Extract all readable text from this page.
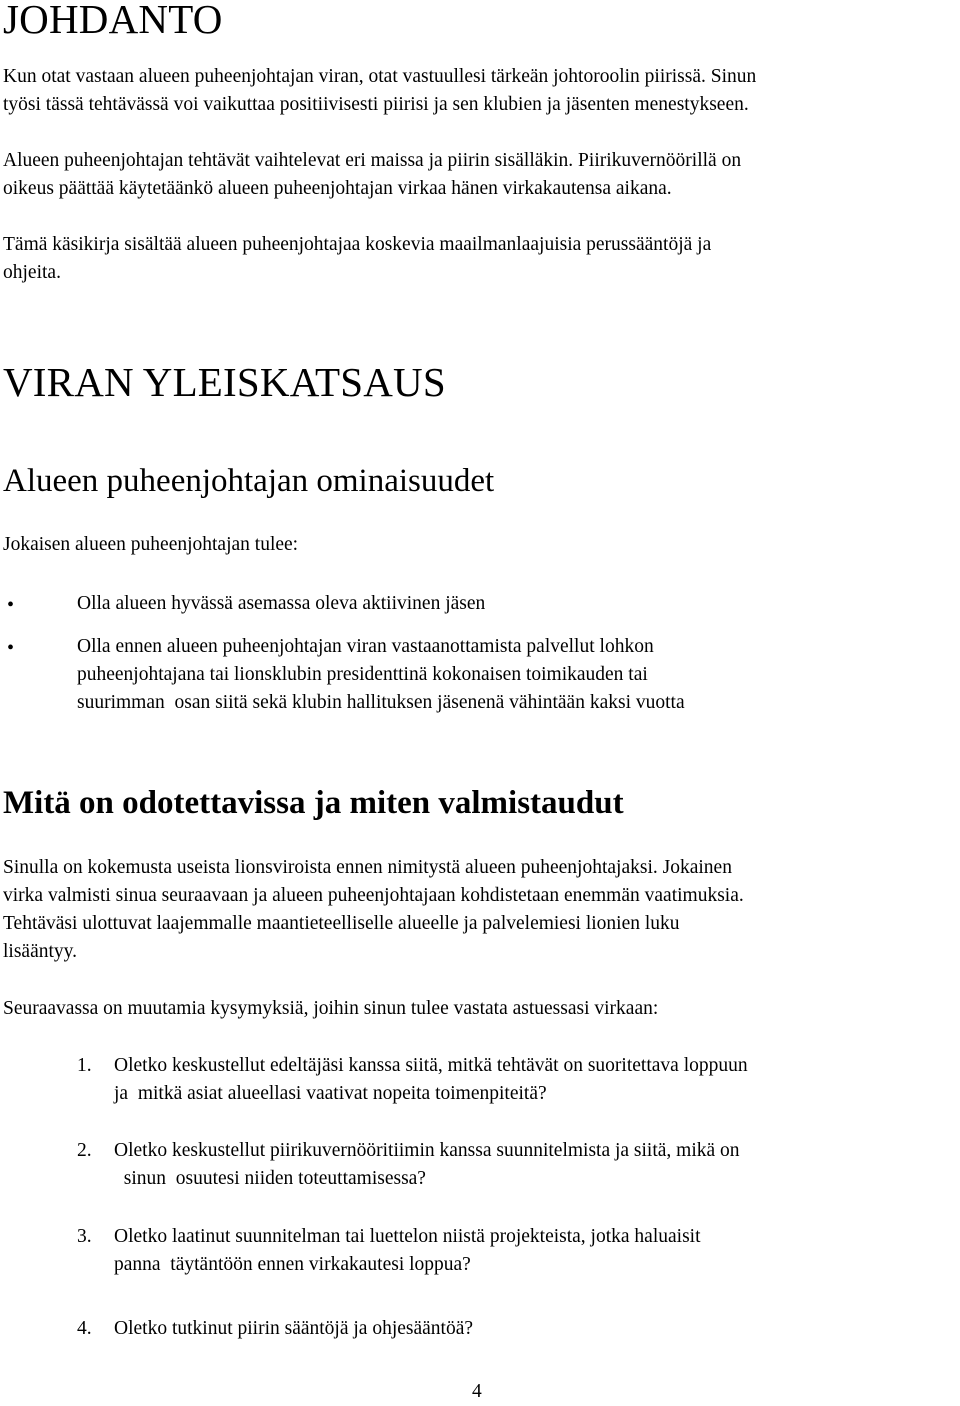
JOHDANTO
Kun otat vastaan alueen puheenjohtajan viran, otat vastuullesi tärkeän johtoroolin piirissä. Sinun
työsi tässä tehtävässä voi vaikuttaa positiivisesti piirisi ja sen klubien ja jäsenten menestykseen.
Alueen puheenjohtajan tehtävät vaihtelevat eri maissa ja piirin sisälläkin. Piirikuvernöörillä on
oikeus päättää käytetäänkö alueen puheenjohtajan virkaa hänen virkakautensa aikana.
Tämä käsikirja sisältää alueen puheenjohtajaa koskevia maailmanlaajuisia perussääntöjä ja
ohjeita.
VIRAN YLEISKATSAUS
Alueen puheenjohtajan ominaisuudet
Jokaisen alueen puheenjohtajan tulee:
•	Olla alueen hyvässä asemassa oleva aktiivinen jäsen
•	Olla ennen alueen puheenjohtajan viran vastaanottamista palvellut lohkon
puheenjohtajana tai lionsklubin presidenttinä kokonaisen toimikauden tai
suurimman  osan siitä sekä klubin hallituksen jäsenenä vähintään kaksi vuotta
Mitä on odotettavissa ja miten valmistaudut
Sinulla on kokemusta useista lionsviroista ennen nimitystä alueen puheenjohtajaksi. Jokainen
virka valmisti sinua seuraavaan ja alueen puheenjohtajaan kohdistetaan enemmän vaatimuksia.
Tehtäväsi ulottuvat laajemmalle maantieteelliselle alueelle ja palvelemiesi lionien luku
lisääntyy.
Seuraavassa on muutamia kysymyksiä, joihin sinun tulee vastata astuessasi virkaan:
1. Oletko keskustellut edeltäjäsi kanssa siitä, mitkä tehtävät on suoritettava loppuun
ja  mitkä asiat alueellasi vaativat nopeita toimenpiteitä?
2. Oletko keskustellut piirikuvernööritiimin kanssa suunnitelmista ja siitä, mikä on
sinun  osuutesi niiden toteuttamisessa?
3. Oletko laatinut suunnitelman tai luettelon niistä projekteista, jotka haluaisit
panna  täytäntöön ennen virkakautesi loppua?
4. Oletko tutkinut piirin sääntöjä ja ohjesääntöä?
4
